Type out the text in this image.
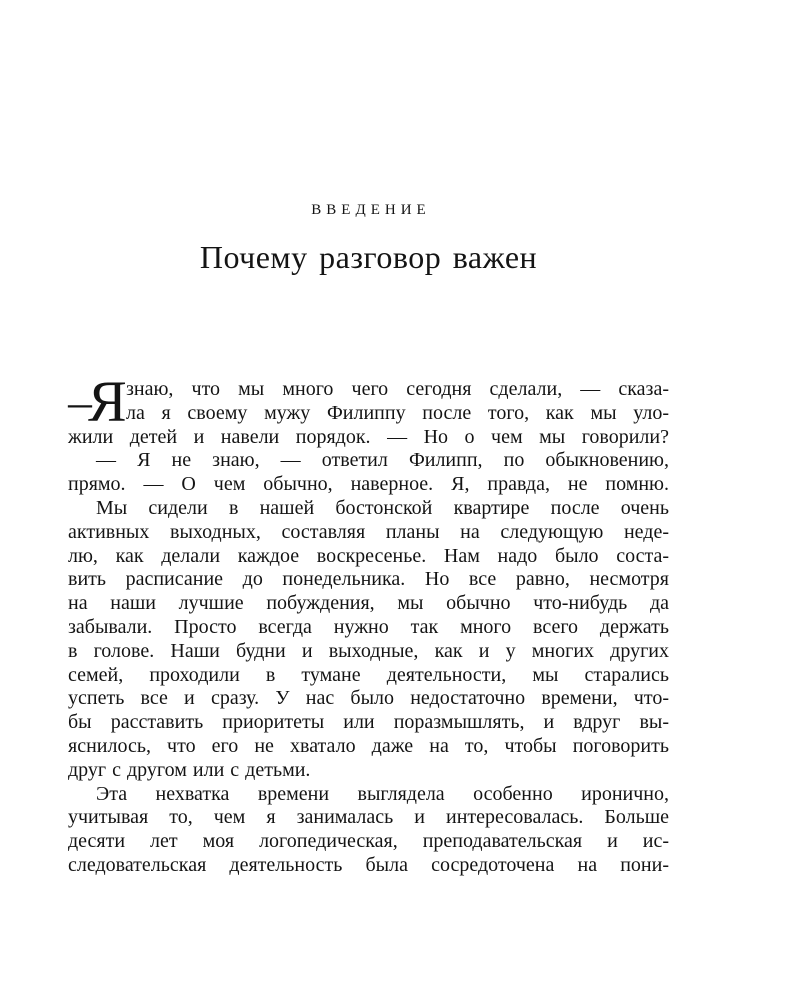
ВВЕДЕНИЕ
Почему разговор важен
—
Я знаю, что мы много чего сегодня сделали, — сказа-
ла я своему мужу Филиппу после того, как мы уло-
жили детей и навели порядок. — Но о чем мы говорили?
— Я не знаю, — ответил Филипп, по обыкновению,
прямо. — О чем обычно, наверное. Я, правда, не помню.
Мы сидели в нашей бостонской квартире после очень
активных выходных, составляя планы на следующую неде-
лю, как делали каждое воскресенье. Нам надо было соста-
вить расписание до понедельника. Но все равно, несмотря
на наши лучшие побуждения, мы обычно что-нибудь да
забывали. Просто всегда нужно так много всего держать
в голове. Наши будни и выходные, как и у многих других
семей, проходили в тумане деятельности, мы старались
успеть все и сразу. У нас было недостаточно времени, что-
бы расставить приоритеты или поразмышлять, и вдруг вы-
яснилось, что его не хватало даже на то, чтобы поговорить
друг с другом или с детьми.
Эта нехватка времени выглядела особенно иронично,
учитывая то, чем я занималась и интересовалась. Больше
десяти лет моя логопедическая, преподавательская и ис-
следовательская деятельность была сосредоточена на пони-
